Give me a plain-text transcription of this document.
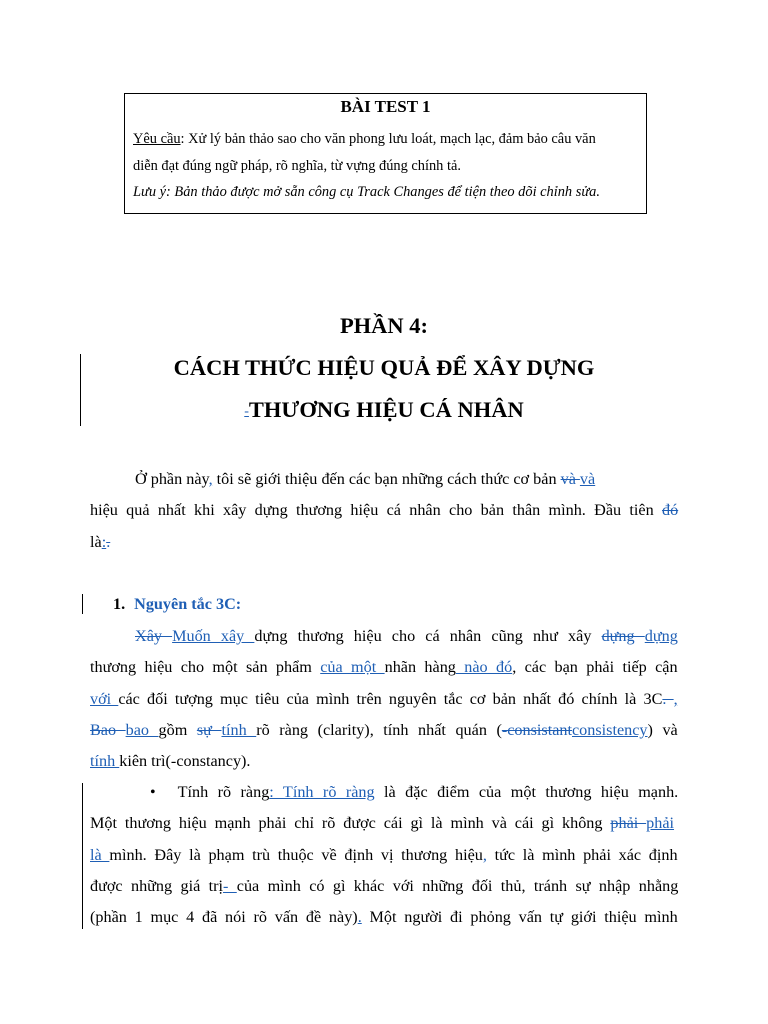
BÀI TEST 1
Yêu cầu: Xử lý bản thảo sao cho văn phong lưu loát, mạch lạc, đảm bảo câu văn
diễn đạt đúng ngữ pháp, rõ nghĩa, từ vựng đúng chính tả.
Lưu ý: Bản thảo được mở sẵn công cụ Track Changes để tiện theo dõi chỉnh sửa.
PHẦN 4:
CÁCH THỨC HIỆU QUẢ ĐỂ XÂY DỰNG
-THƯƠNG HIỆU CÁ NHÂN
Ở phần này, tôi sẽ giới thiệu đến các bạn những cách thức cơ bản và và
hiệu quả nhất khi xây dựng thương hiệu cá nhân cho bản thân mình. Đầu tiên đó
là:.
1. Nguyên tắc 3C:
Xây Muốn xây dựng thương hiệu cho cá nhân cũng như xây dựng dựng
thương hiệu cho một sản phẩm của một nhãn hàng nào đó, các bạn phải tiếp cận
với các đối tượng mục tiêu của mình trên nguyên tắc cơ bản nhất đó chính là 3C. ,
Bao bao gồm sự tính rõ ràng (clarity), tính nhất quán (-consistantconsistency) và
tính kiên trì(-constancy).
• Tính rõ ràng: Tính rõ ràng là đặc điểm của một thương hiệu mạnh.
Một thương hiệu mạnh phải chỉ rõ được cái gì là mình và cái gì không phải phải
là mình. Đây là phạm trù thuộc về định vị thương hiệu, tức là mình phải xác định
được những giá trị- của mình có gì khác với những đối thủ, tránh sự nhập nhằng
(phần 1 mục 4 đã nói rõ vấn đề này). Một người đi phỏng vấn tự giới thiệu mình
